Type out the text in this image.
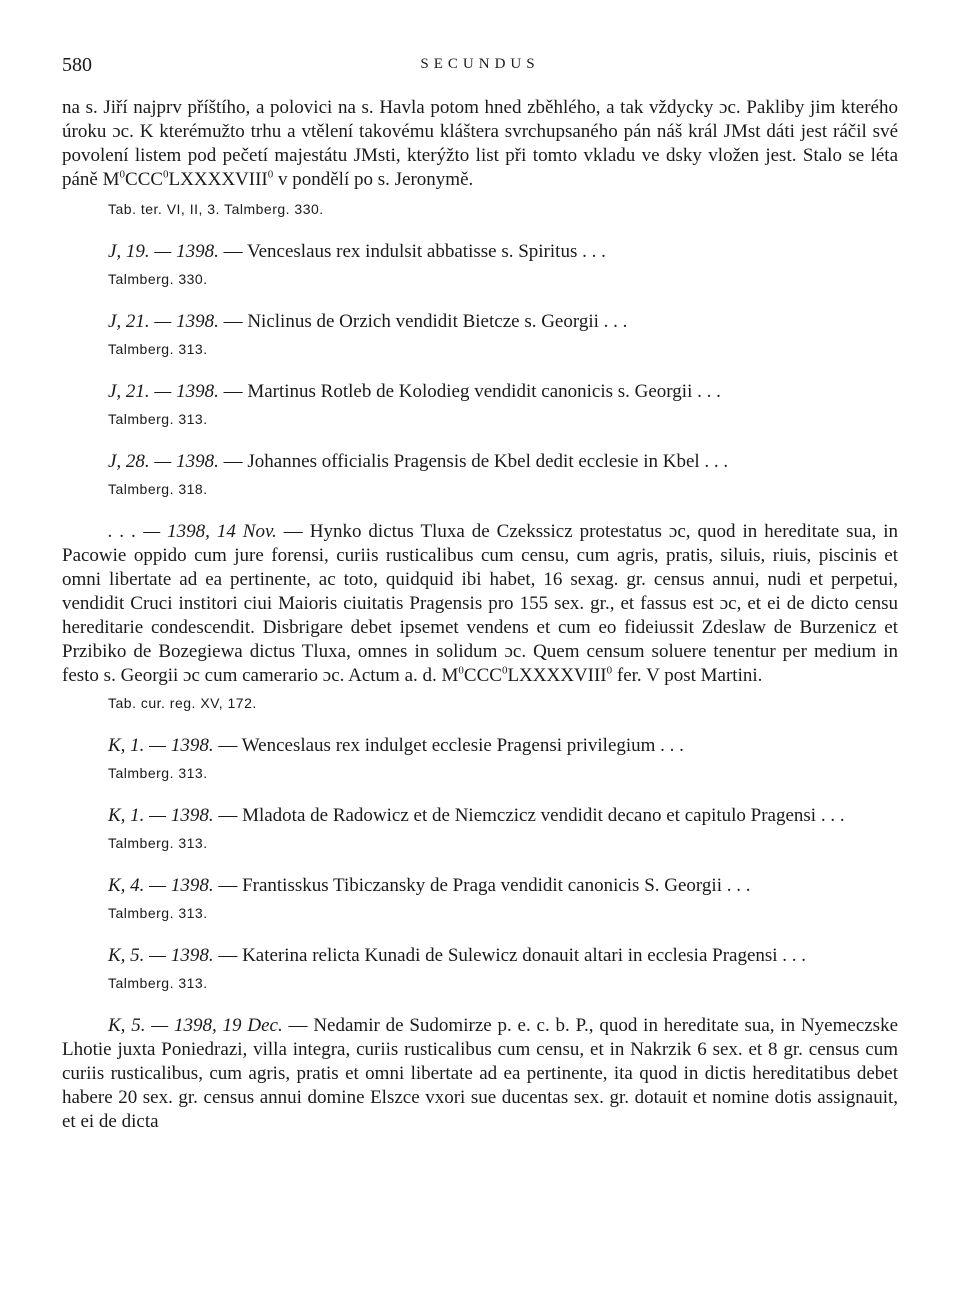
580	SECUNDUS

na s. Jiří najprv příštího, a polovici na s. Havla potom hned zběhlého, a tak vždycky ɔc. Pakliby jim kterého úroku ɔc. K kterémužto trhu a vtělení takovému kláštera svrchupsaného pán náš král JMst dáti jest ráčil své povolení listem pod pečetí majestátu JMsti, kterýžto list při tomto vkladu ve dsky vložen jest. Stalo se léta páně $M^0CCC^0LXXXXVIII^0$ v pondělí po s. Jeronymě.

Tab. ter. VI, II, 3. Talmberg. 330.

J, 19. — 1398. — Venceslaus rex indulsit abbatisse s. Spiritus . . .

Talmberg. 330.

J, 21. — 1398. — Niclinus de Orzich vendidit Bietcze s. Georgii . . .

Talmberg. 313.

J, 21. — 1398. — Martinus Rotleb de Kolodieg vendidit canonicis s. Georgii . . .

Talmberg. 313.

J, 28. — 1398. — Johannes officialis Pragensis de Kbel dedit ecclesie in Kbel . . .

Talmberg. 318.

. . . — 1398, 14 Nov. — Hynko dictus Tluxa de Czekssicz protestatus ɔc, quod in hereditate sua, in Pacowie oppido cum jure forensi, curiis rusticalibus cum censu, cum agris, pratis, siluis, riuis, piscinis et omni libertate ad ea pertinente, ac toto, quidquid ibi habet, 16 sexag. gr. census annui, nudi et perpetui, vendidit Cruci institori ciui Maioris ciuitatis Pragensis pro 155 sex. gr., et fassus est ɔc, et ei de dicto censu hereditarie condescendit. Disbrigare debet ipsemet vendens et cum eo fideiussit Zdeslaw de Burzenicz et Przibiko de Bozegiewa dictus Tluxa, omnes in solidum ɔc. Quem censum soluere tenentur per medium in festo s. Georgii ɔc cum camerario ɔc. Actum a. d. $M^0CCC^0LXXXXVIII^0$ fer. V post Martini.

Tab. cur. reg. XV, 172.

K, 1. — 1398. — Wenceslaus rex indulget ecclesie Pragensi privilegium . . .

Talmberg. 313.

K, 1. — 1398. — Mladota de Radowicz et de Niemczicz vendidit decano et capitulo Pragensi . . .

Talmberg. 313.

K, 4. — 1398. — Frantisskus Tibiczansky de Praga vendidit canonicis S. Georgii . . .

Talmberg. 313.

K, 5. — 1398. — Katerina relicta Kunadi de Sulewicz donauit altari in ecclesia Pragensi . . .

Talmberg. 313.

K, 5. — 1398, 19 Dec. — Nedamir de Sudomirze p. e. c. b. P., quod in hereditate sua, in Nyemeczske Lhotie juxta Poniedrazi, villa integra, curiis rusticalibus cum censu, et in Nakrzik 6 sex. et 8 gr. census cum curiis rusticalibus, cum agris, pratis et omni libertate ad ea pertinente, ita quod in dictis hereditatibus debet habere 20 sex. gr. census annui domine Elszce vxori sue ducentas sex. gr. dotauit et nomine dotis assignauit, et ei de dicta
